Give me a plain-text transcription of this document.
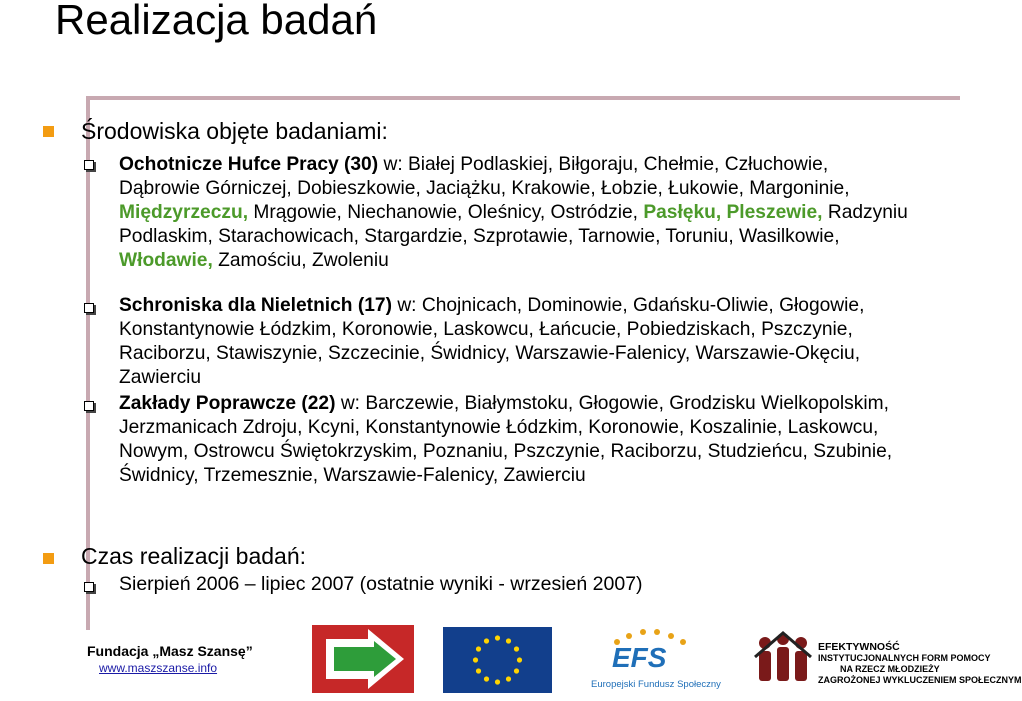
Realizacja badań
Środowiska objęte badaniami:
Ochotnicze Hufce Pracy (30) w: Białej Podlaskiej, Biłgoraju, Chełmie, Człuchowie, Dąbrowie Górniczej, Dobieszkowie, Jaciążku, Krakowie, Łobzie, Łukowie, Margoninie, Międzyrzeczu, Mrągowie, Niechanowie, Oleśnicy, Ostródzie, Pasłęku, Pleszewie, Radzyniu Podlaskim, Starachowicach, Stargardzie, Szprotawie, Tarnowie, Toruniu, Wasilkowie, Włodawie, Zamościu, Zwoleniu
Schroniska dla Nieletnich (17) w: Chojnicach, Dominowie, Gdańsku-Oliwie, Głogowie, Konstantynowie Łódzkim, Koronowie, Laskowcu, Łańcucie, Pobiedziskach, Pszczynie, Raciborzu, Stawiszynie, Szczecinie, Świdnicy, Warszawie-Falenicy, Warszawie-Okęciu, Zawierciu
Zakłady Poprawcze (22) w: Barczewie, Białymstoku, Głogowie, Grodzisku Wielkopolskim, Jerzmanicach Zdroju, Kcyni, Konstantynowie Łódzkim, Koronowie, Koszalinie, Laskowcu, Nowym, Ostrowcu Świętokrzyskim, Poznaniu, Pszczynie, Raciborzu, Studzieńcu, Szubinie, Świdnicy, Trzemesznie, Warszawie-Falenicy, Zawierciu
Czas realizacji badań:
Sierpień 2006 – lipiec 2007 (ostatnie wyniki - wrzesień 2007)
Fundacja „Masz Szansę”
www.maszszanse.info	EFS
Europejski Fundusz Społeczny
EFEKTYWNOŚĆ
INSTYTUCJONALNYCH FORM POMOCY
NA RZECZ MŁODZIEŻY
ZAGROŻONEJ WYKLUCZENIEM SPOŁECZNYM
